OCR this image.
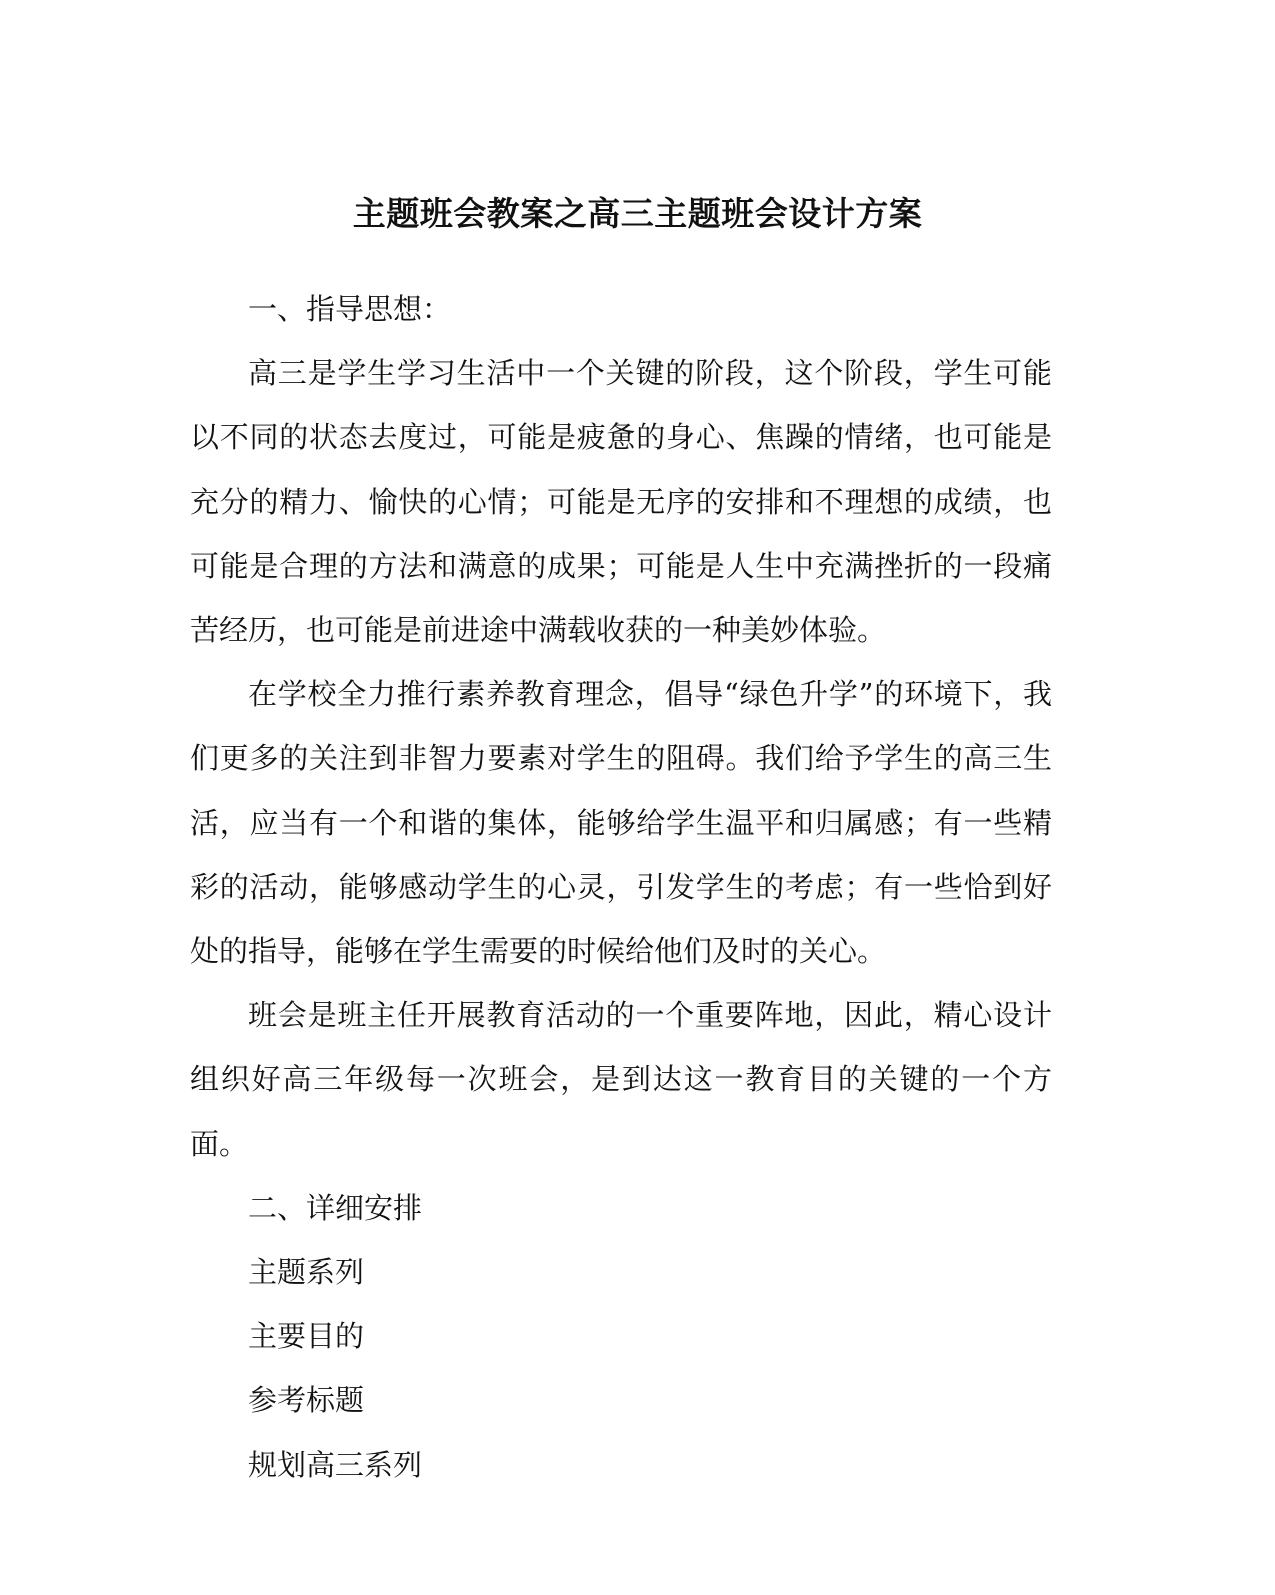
主题班会教案之高三主题班会设计方案

一、指导思想：

高三是学生学习生活中一个关键的阶段，这个阶段，学生可能以不同的状态去度过，可能是疲惫的身心、焦躁的情绪，也可能是充分的精力、愉快的心情；可能是无序的安排和不理想的成绩，也可能是合理的方法和满意的成果；可能是人生中充满挫折的一段痛苦经历，也可能是前进途中满载收获的一种美妙体验。

在学校全力推行素养教育理念，倡导“绿色升学”的环境下，我们更多的关注到非智力要素对学生的阻碍。我们给予学生的高三生活，应当有一个和谐的集体，能够给学生温平和归属感；有一些精彩的活动，能够感动学生的心灵，引发学生的考虑；有一些恰到好处的指导，能够在学生需要的时候给他们及时的关心。

班会是班主任开展教育活动的一个重要阵地，因此，精心设计组织好高三年级每一次班会，是到达这一教育目的关键的一个方面。

二、详细安排

主题系列

主要目的

参考标题

规划高三系列
